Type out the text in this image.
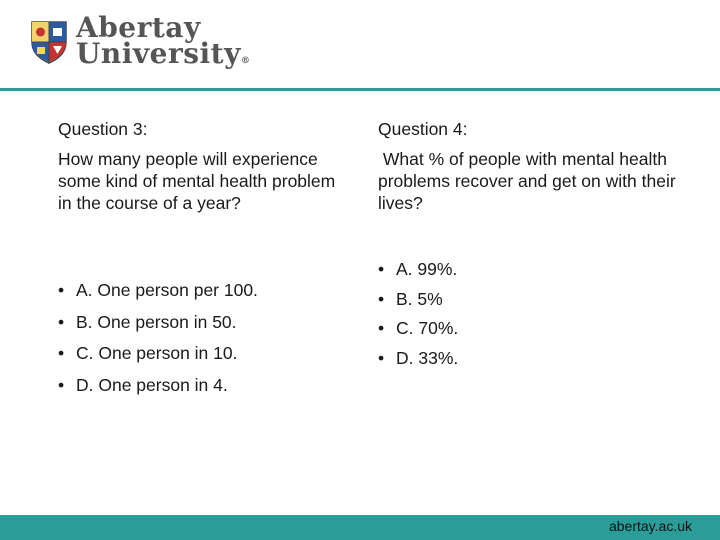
Abertay
University®

Question 3:

How many people will experience some kind of mental health problem in the course of a year?

• A. One person per 100.
• B. One person in 50.
• C. One person in 10.
• D. One person in 4.

Question 4:

What % of people with mental health problems recover and get on with their lives?

• A. 99%.
• B. 5%
• C. 70%.
• D. 33%.
abertay.ac.uk
